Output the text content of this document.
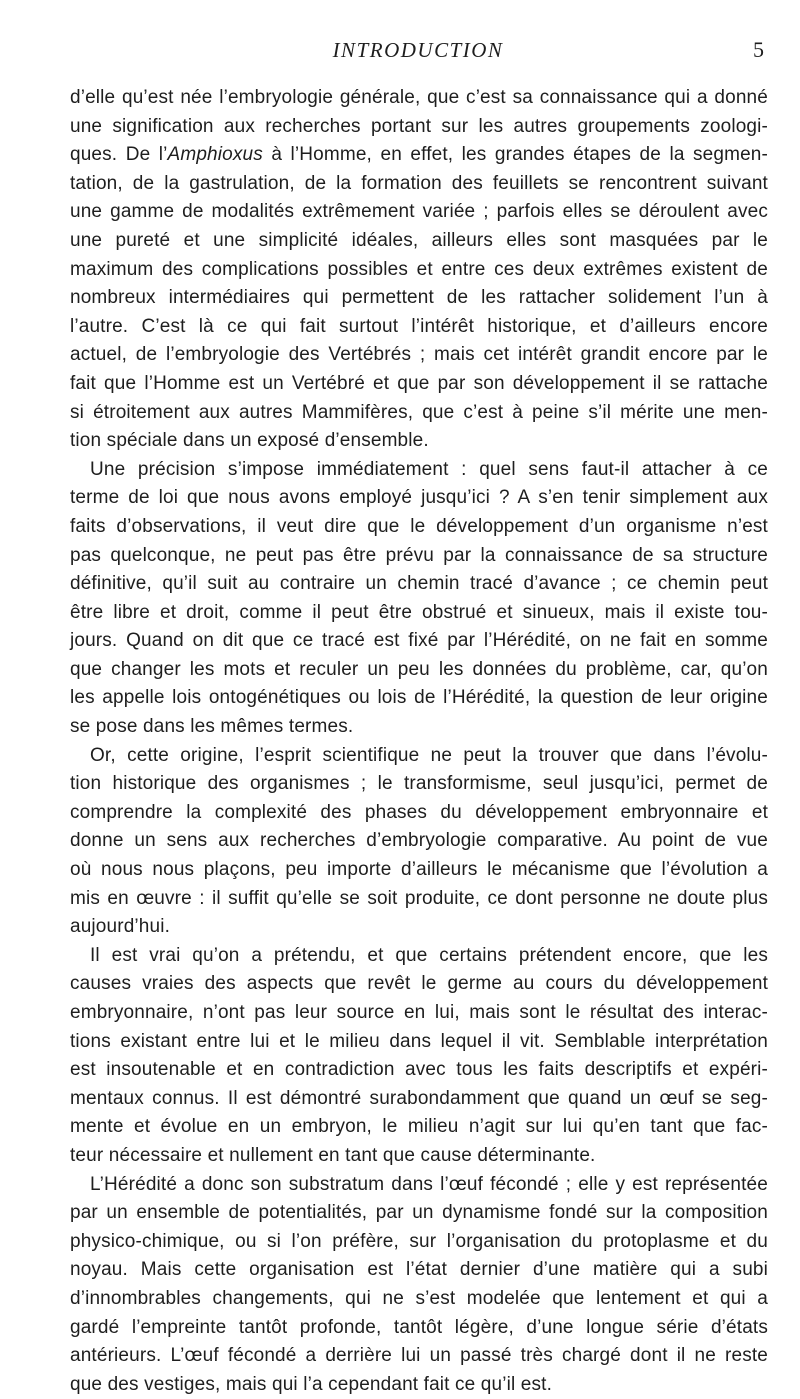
INTRODUCTION	5
d’elle qu’est née l’embryologie générale, que c’est sa connaissance qui a donné
une signification aux recherches portant sur les autres groupements zoologi-
ques. De l’Amphioxus à l’Homme, en effet, les grandes étapes de la segmen-
tation, de la gastrulation, de la formation des feuillets se rencontrent suivant
une gamme de modalités extrêmement variée ; parfois elles se déroulent avec
une pureté et une simplicité idéales, ailleurs elles sont masquées par le
maximum des complications possibles et entre ces deux extrêmes existent de
nombreux intermédiaires qui permettent de les rattacher solidement l’un à
l’autre. C’est là ce qui fait surtout l’intérêt historique, et d’ailleurs encore
actuel, de l’embryologie des Vertébrés ; mais cet intérêt grandit encore par le
fait que l’Homme est un Vertébré et que par son développement il se rattache
si étroitement aux autres Mammifères, que c’est à peine s’il mérite une men-
tion spéciale dans un exposé d’ensemble.
Une précision s’impose immédiatement : quel sens faut-il attacher à ce
terme de loi que nous avons employé jusqu’ici ? A s’en tenir simplement aux
faits d’observations, il veut dire que le développement d’un organisme n’est
pas quelconque, ne peut pas être prévu par la connaissance de sa structure
définitive, qu’il suit au contraire un chemin tracé d’avance ; ce chemin peut
être libre et droit, comme il peut être obstrué et sinueux, mais il existe tou-
jours. Quand on dit que ce tracé est fixé par l’Hérédité, on ne fait en somme
que changer les mots et reculer un peu les données du problème, car, qu’on
les appelle lois ontogénétiques ou lois de l’Hérédité, la question de leur origine
se pose dans les mêmes termes.
Or, cette origine, l’esprit scientifique ne peut la trouver que dans l’évolu-
tion historique des organismes ; le transformisme, seul jusqu’ici, permet de
comprendre la complexité des phases du développement embryonnaire et
donne un sens aux recherches d’embryologie comparative. Au point de vue
où nous nous plaçons, peu importe d’ailleurs le mécanisme que l’évolution a
mis en œuvre : il suffit qu’elle se soit produite, ce dont personne ne doute plus
aujourd’hui.
Il est vrai qu’on a prétendu, et que certains prétendent encore, que les
causes vraies des aspects que revêt le germe au cours du développement
embryonnaire, n’ont pas leur source en lui, mais sont le résultat des interac-
tions existant entre lui et le milieu dans lequel il vit. Semblable interprétation
est insoutenable et en contradiction avec tous les faits descriptifs et expéri-
mentaux connus. Il est démontré surabondamment que quand un œuf se seg-
mente et évolue en un embryon, le milieu n’agit sur lui qu’en tant que fac-
teur nécessaire et nullement en tant que cause déterminante.
L’Hérédité a donc son substratum dans l’œuf fécondé ; elle y est représentée
par un ensemble de potentialités, par un dynamisme fondé sur la composition
physico-chimique, ou si l’on préfère, sur l’organisation du protoplasme et du
noyau. Mais cette organisation est l’état dernier d’une matière qui a subi
d’innombrables changements, qui ne s’est modelée que lentement et qui a
gardé l’empreinte tantôt profonde, tantôt légère, d’une longue série d’états
antérieurs. L’œuf fécondé a derrière lui un passé très chargé dont il ne reste
que des vestiges, mais qui l’a cependant fait ce qu’il est.
